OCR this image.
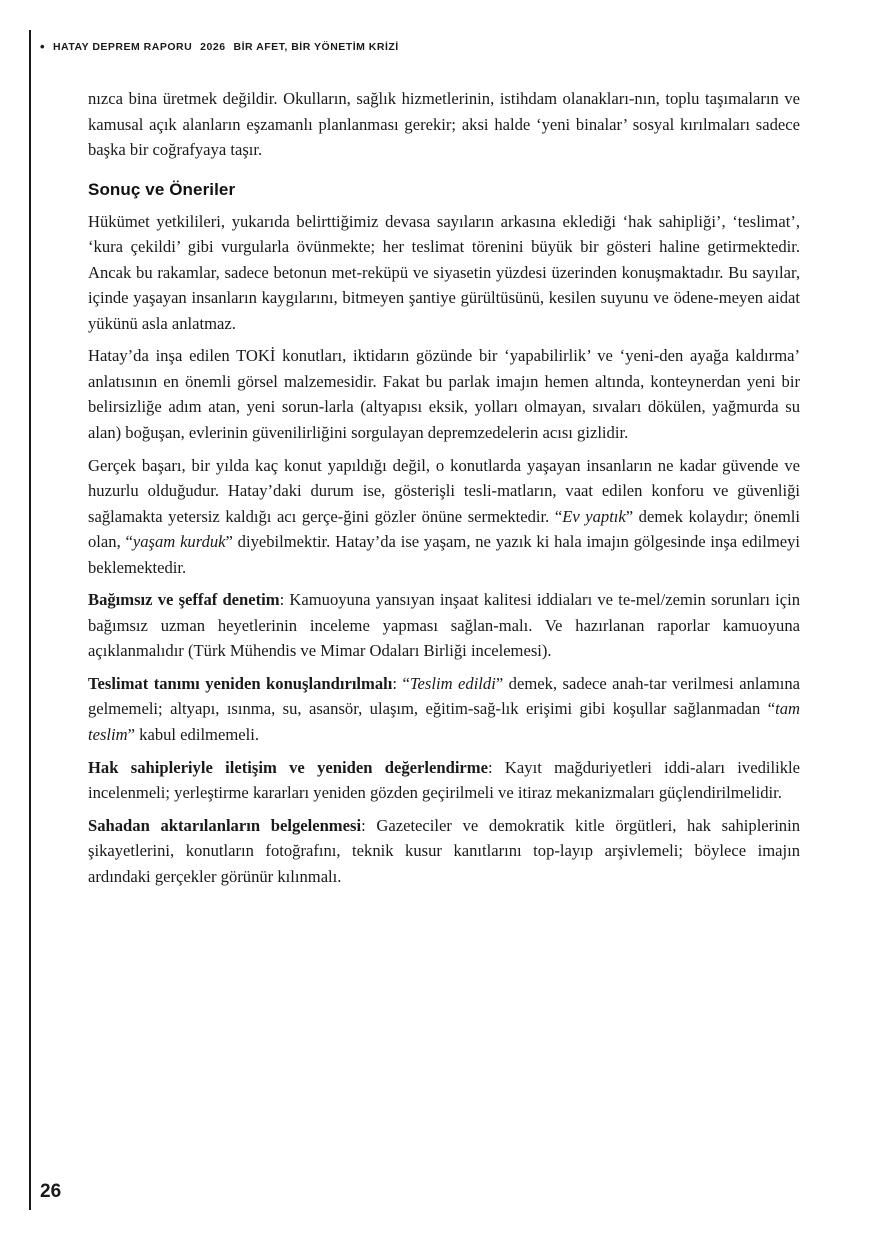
• HATAY DEPREM RAPORU 2026 BİR AFET, BİR YÖNETİM KRİZİ

nızca bina üretmek değildir. Okulların, sağlık hizmetlerinin, istihdam olanakları-nın, toplu taşımaların ve kamusal açık alanların eşzamanlı planlanması gerekir; aksi halde ‘yeni binalar’ sosyal kırılmaları sadece başka bir coğrafyaya taşır.

Sonuç ve Öneriler

Hükümet yetkilileri, yukarıda belirttiğimiz devasa sayıların arkasına eklediği ‘hak sahipliği’, ‘teslimat’, ‘kura çekildi’ gibi vurgularla övünmekte; her teslimat törenini büyük bir gösteri haline getirmektedir. Ancak bu rakamlar, sadece betonun met-reküpü ve siyasetin yüzdesi üzerinden konuşmaktadır. Bu sayılar, içinde yaşayan insanların kaygılarını, bitmeyen şantiye gürültüsünü, kesilen suyunu ve ödene-meyen aidat yükünü asla anlatmaz.

Hatay’da inşa edilen TOKİ konutları, iktidarın gözünde bir ‘yapabilirlik’ ve ‘yeni-den ayağa kaldırma’ anlatısının en önemli görsel malzemesidir. Fakat bu parlak imajın hemen altında, konteynerdan yeni bir belirsizliğe adım atan, yeni sorun-larla (altyapısı eksik, yolları olmayan, sıvaları dökülen, yağmurda su alan) boğuşan, evlerinin güvenilirliğini sorgulayan depremzedelerin acısı gizlidir.

Gerçek başarı, bir yılda kaç konut yapıldığı değil, o konutlarda yaşayan insanların ne kadar güvende ve huzurlu olduğudur. Hatay’daki durum ise, gösterişli tesli-matların, vaat edilen konforu ve güvenliği sağlamakta yetersiz kaldığı acı gerçe-ğini gözler önüne sermektedir. “Ev yaptık” demek kolaydır; önemli olan, “yaşam kurduk” diyebilmektir. Hatay’da ise yaşam, ne yazık ki hala imajın gölgesinde inşa edilmeyi beklemektedir.

Bağımsız ve şeffaf denetim: Kamuoyuna yansıyan inşaat kalitesi iddiaları ve te-mel/zemin sorunları için bağımsız uzman heyetlerinin inceleme yapması sağlan-malı. Ve hazırlanan raporlar kamuoyuna açıklanmalıdır (Türk Mühendis ve Mimar Odaları Birliği incelemesi).

Teslimat tanımı yeniden konuşlandırılmalı: “Teslim edildi” demek, sadece anah-tar verilmesi anlamına gelmemeli; altyapı, ısınma, su, asansör, ulaşım, eğitim-sağ-lık erişimi gibi koşullar sağlanmadan “tam teslim” kabul edilmemeli.

Hak sahipleriyle iletişim ve yeniden değerlendirme: Kayıt mağduriyetleri iddi-aları ivedilikle incelenmeli; yerleştirme kararları yeniden gözden geçirilmeli ve itiraz mekanizmaları güçlendirilmelidir.

Sahadan aktarılanların belgelenmesi: Gazeteciler ve demokratik kitle örgütleri, hak sahiplerinin şikayetlerini, konutların fotoğrafını, teknik kusur kanıtlarını top-layıp arşivlemeli; böylece imajın ardındaki gerçekler görünür kılınmalı.

26
